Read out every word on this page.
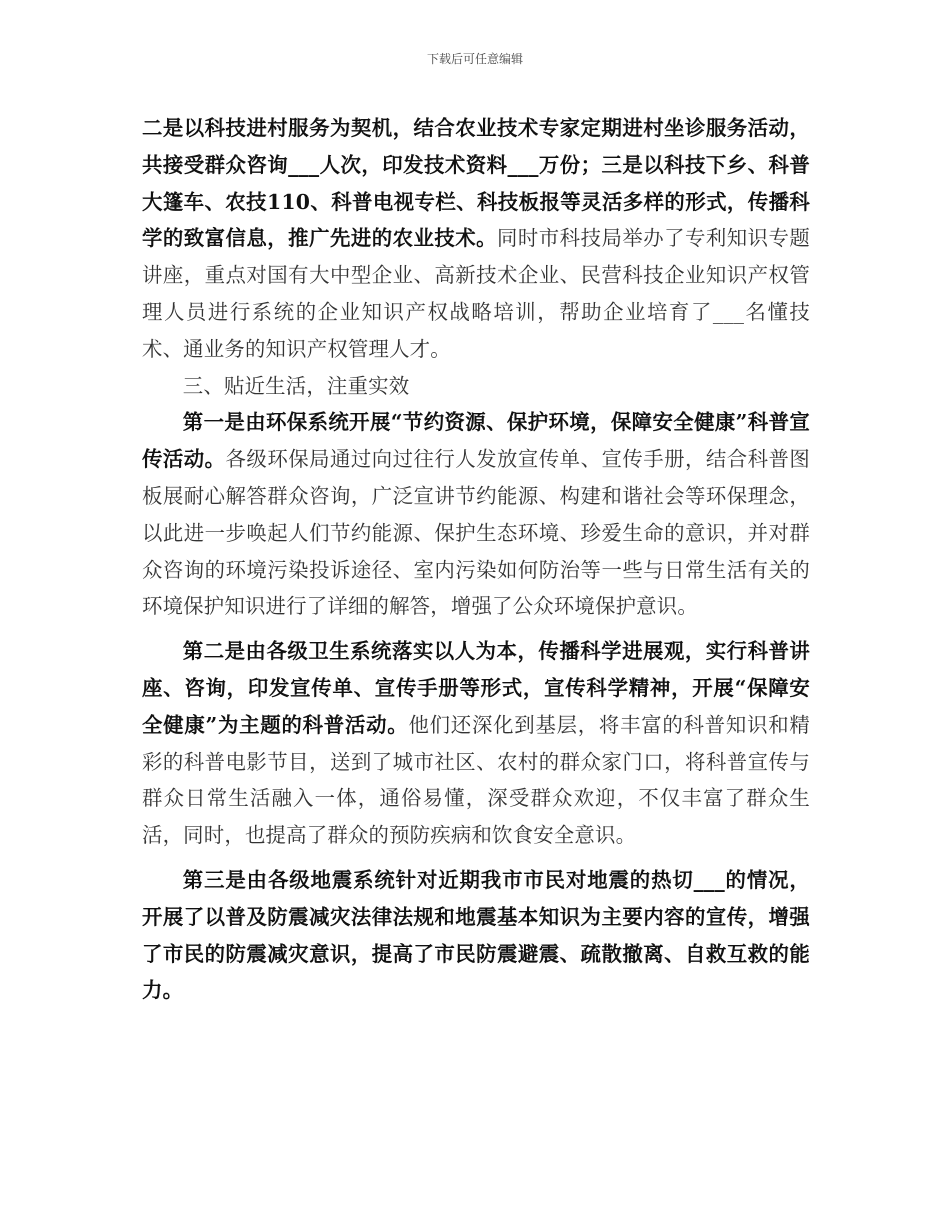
下载后可任意编辑

二是以科技进村服务为契机，结合农业技术专家定期进村坐诊服务活动，共接受群众咨询___人次，印发技术资料___万份；三是以科技下乡、科普大篷车、农技110、科普电视专栏、科技板报等灵活多样的形式，传播科学的致富信息，推广先进的农业技术。同时市科技局举办了专利知识专题讲座，重点对国有大中型企业、高新技术企业、民营科技企业知识产权管理人员进行系统的企业知识产权战略培训，帮助企业培育了___名懂技术、通业务的知识产权管理人才。

三、贴近生活，注重实效

第一是由环保系统开展“节约资源、保护环境，保障安全健康”科普宣传活动。各级环保局通过向过往行人发放宣传单、宣传手册，结合科普图板展耐心解答群众咨询，广泛宣讲节约能源、构建和谐社会等环保理念，以此进一步唤起人们节约能源、保护生态环境、珍爱生命的意识，并对群众咨询的环境污染投诉途径、室内污染如何防治等一些与日常生活有关的环境保护知识进行了详细的解答，增强了公众环境保护意识。

第二是由各级卫生系统落实以人为本，传播科学进展观，实行科普讲座、咨询，印发宣传单、宣传手册等形式，宣传科学精神，开展“保障安全健康”为主题的科普活动。他们还深化到基层，将丰富的科普知识和精彩的科普电影节目，送到了城市社区、农村的群众家门口，将科普宣传与群众日常生活融入一体，通俗易懂，深受群众欢迎，不仅丰富了群众生活，同时，也提高了群众的预防疾病和饮食安全意识。

第三是由各级地震系统针对近期我市市民对地震的热切___的情况，开展了以普及防震减灾法律法规和地震基本知识为主要内容的宣传，增强了市民的防震减灾意识，提高了市民防震避震、疏散撤离、自救互救的能力。
